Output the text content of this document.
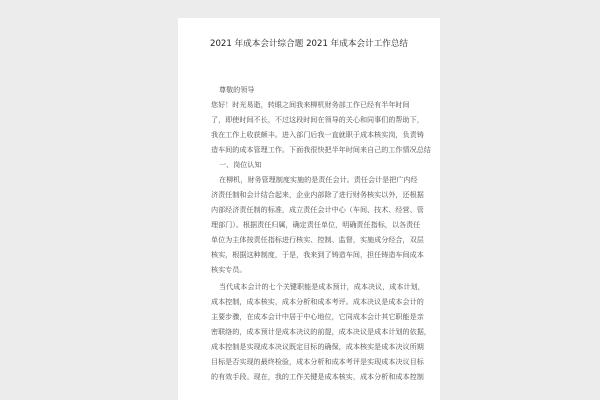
2021 年成本会计综合题 2021 年成本会计工作总结
尊敬的领导
您好！时光易逝，转眼之间我来柳机财务部工作已经有半年时间
了，即使时间不长，不过这段时间在领导的关心和同事们的帮助下，
我在工作上收获颇丰。进入部门后我一直就职于成本核实岗，负责铸
造车间的成本管理工作。下面我很快把半年时间来自己的工作情况总结
一、岗位认知
在柳机，财务管理制度实施的是责任会计。责任会计是把广内经
济责任制和会计结合起来，企业内部除了进行财务核实以外，还根据
内部经济责任制的标准，成立责任会计中心（车间、技术、经营、管
理部门）。根据责任归属，确定责任单位，明确责任指标，以各责任
单位为主体按责任指标进行核实、控制、监督，实施成分经合，双层
核实，根据这种制度，于是，我来到了铸造车间，担任铸造车间成本
核实专员。
当代成本会计的七个关键职能是成本预计，成本决议，成本计划，
成本控制，成本核实，成本分析和成本考评。成本决议是成本会计的
主要步骤，在成本会计中居于中心地位，它同成本会计其它职能是亲
密联络的，成本预计是成本决议的前提，成本决议是成本计划的依据，
成本控制是实现成本决议既定目标的确保，成本核实是成本决议所期
目标是否实现的最终检验，成本分析和成本考评是实现成本决议目标
的有效手段。现在，我的工作关键是成本核实，成本分析和成本控制
